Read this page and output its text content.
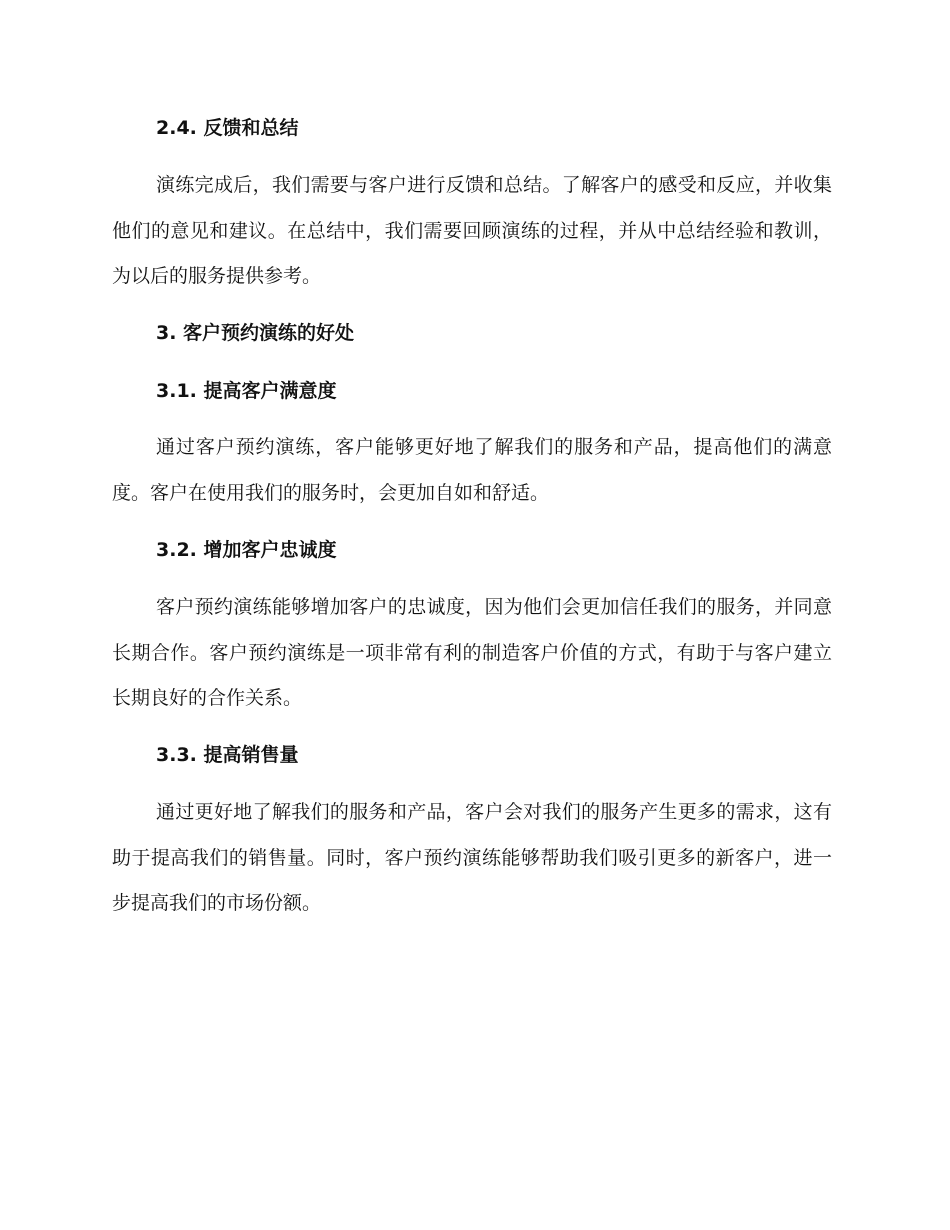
2.4. 反馈和总结
演练完成后，我们需要与客户进行反馈和总结。了解客户的感受和反应，并收集他们的意见和建议。在总结中，我们需要回顾演练的过程，并从中总结经验和教训，为以后的服务提供参考。
3. 客户预约演练的好处
3.1. 提高客户满意度
通过客户预约演练，客户能够更好地了解我们的服务和产品，提高他们的满意度。客户在使用我们的服务时，会更加自如和舒适。
3.2. 增加客户忠诚度
客户预约演练能够增加客户的忠诚度，因为他们会更加信任我们的服务，并同意长期合作。客户预约演练是一项非常有利的制造客户价值的方式，有助于与客户建立长期良好的合作关系。
3.3. 提高销售量
通过更好地了解我们的服务和产品，客户会对我们的服务产生更多的需求，这有助于提高我们的销售量。同时，客户预约演练能够帮助我们吸引更多的新客户，进一步提高我们的市场份额。
